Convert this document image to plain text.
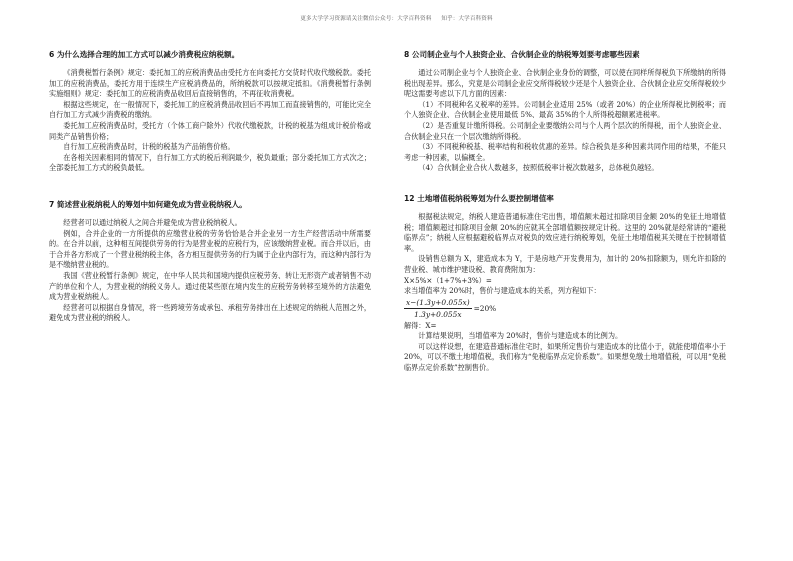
更多大学学习资源请关注微信公众号：大学百科资料 知乎：大学百科资料

6 为什么选择合理的加工方式可以减少消费税应纳税额。

《消费税暂行条例》规定：委托加工的应税消费品由受托方在向委托方交货时代收代缴税款。委托加工的应税消费品，委托方用于连续生产应税消费品的，所纳税款可以按规定抵扣。《消费税暂行条例实施细则》规定：委托加工的应税消费品收回后直接销售的，不再征收消费税。

根据这些规定，在一般情况下，委托加工的应税消费品收回后不再加工而直接销售的，可能比完全自行加工方式减少消费税的缴纳。

委托加工应税消费品时，受托方（个体工商户除外）代收代缴税款，计税的税基为组成计税价格或同类产品销售价格；

自行加工应税消费品时，计税的税基为产品销售价格。

在各相关因素相同的情况下，自行加工方式的税后利润最少，税负最重；部分委托加工方式次之；全部委托加工方式的税负最低。

7 简述营业税纳税人的筹划中如何避免成为营业税纳税人。

经营者可以通过纳税人之间合并避免成为营业税纳税人。

例如，合并企业的一方所提供的应缴营业税的劳务恰恰是合并企业另一方生产经营活动中所需要的。在合并以前，这种相互间提供劳务的行为是营业税的应税行为，应该缴纳营业税。而合并以后，由于合并各方形成了一个营业税纳税主体，各方相互提供劳务的行为属于企业内部行为，而这种内部行为是不缴纳营业税的。

我国《营业税暂行条例》规定，在中华人民共和国境内提供应税劳务、转让无形资产或者销售不动产的单位和个人，为营业税的纳税义务人。通过使某些原在境内发生的应税劳务转移至境外的方法避免成为营业税纳税人。

经营者可以根据自身情况，将一些跨境劳务或承包、承租劳务排出在上述规定的纳税人范围之外，避免成为营业税的纳税人。

8 公司制企业与个人独资企业、合伙制企业的纳税筹划要考虑哪些因素

通过公司制企业与个人独资企业、合伙制企业身份的调整，可以使在同样所得税负下所缴纳的所得税出现差异。那么，究竟是公司制企业应交所得税较少还是个人独资企业、合伙制企业应交所得税较少呢这需要考虑以下几方面的因素：

（1）不同税种名义税率的差异。公司制企业适用 25%（或者 20%）的企业所得税比例税率；而个人独资企业、合伙制企业使用最低 5%、最高 35%的个人所得税超额累进税率。

（2）是否重复计缴所得税。公司制企业要缴纳公司与个人两个层次的所得税，而个人独资企业、合伙制企业只在一个层次缴纳所得税。

（3）不同税种税基、税率结构和税收优惠的差异。综合税负是多种因素共同作用的结果，不能只考虑一种因素，以偏概全。

（4）合伙制企业合伙人数越多，按照低税率计税次数越多，总体税负越轻。

12 土地增值税纳税筹划为什么要控制增值率

根据税法规定，纳税人建造普通标准住宅出售，增值额未超过扣除项目金额 20%的免征土地增值税；增值额超过扣除项目金额 20%的应就其全部增值额按规定计税。这里的 20%就是经常讲的“避税临界点”；纳税人应根据避税临界点对税负的效应进行纳税筹划，免征土地增值税其关键在于控制增值率。

设销售总额为 X，建造成本为 Y，于是房地产开发费用为，加计的 20%扣除额为，则允许扣除的营业税、城市维护建设税、教育费附加为：

X×5%×（1+7%+3%）=

求当增值率为 20%时，售价与建造成本的关系，列方程如下：

$\frac{x-(1.3y+0.055x)}{1.3y+0.055x} =20\%$

解得：X=

计算结果说明，当增值率为 20%时，售价与建造成本的比例为。

可以这样设想，在建造普通标准住宅时，如果所定售价与建造成本的比值小于，就能使增值率小于 20%，可以不缴土地增值税，我们称为“免税临界点定价系数”。如果想免缴土地增值税，可以用“免税临界点定价系数”控制售价。
